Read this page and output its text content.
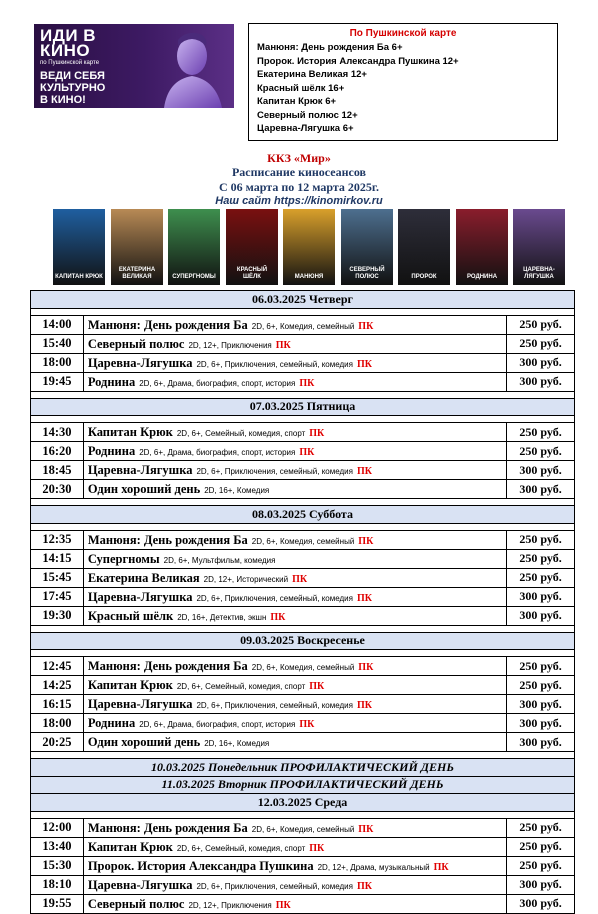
ИДИ В
КИНО
по Пушкинской карте
ВЕДИ СЕБЯ
КУЛЬТУРНО
В КИНО!
По Пушкинской карте
Манюня: День рождения Ба 6+
Пророк. История Александра Пушкина 12+
Екатерина Великая 12+
Красный шёлк 16+
Капитан Крюк 6+
Северный полюс 12+
Царевна-Лягушка 6+
ККЗ «Мир»
Расписание киносеансов
С 06 марта по 12 марта 2025г.
Наш сайт https://kinomirkov.ru
КАПИТАН КРЮК
ЕКАТЕРИНА ВЕЛИКАЯ	СУПЕРГНОМЫ
КРАСНЫЙ ШЁЛК	МАНЮНЯ
СЕВЕРНЫЙ ПОЛЮС	ПРОРОК	РОДНИНА
ЦАРЕВНА-ЛЯГУШКА
06.03.2025 Четверг		

14:00	Манюня: День рождения Ба 2D, 6+, Комедия, семейный ПК	250 руб.
15:40	Северный полюс 2D, 12+, Приключения ПК	250 руб.
18:00	Царевна-Лягушка 2D, 6+, Приключения, семейный, комедия ПК	300 руб.
19:45	Роднина 2D, 6+, Драма, биография, спорт, история ПК	300 руб.

07.03.2025 Пятница		

14:30	Капитан Крюк 2D, 6+, Семейный, комедия, спорт ПК	250 руб.
16:20	Роднина 2D, 6+, Драма, биография, спорт, история ПК	250 руб.
18:45	Царевна-Лягушка 2D, 6+, Приключения, семейный, комедия ПК	300 руб.
20:30	Один хороший день 2D, 16+, Комедия	300 руб.

08.03.2025 Суббота		

12:35	Манюня: День рождения Ба 2D, 6+, Комедия, семейный ПК	250 руб.
14:15	Супергномы 2D, 6+, Мультфильм, комедия	250 руб.
15:45	Екатерина Великая 2D, 12+, Исторический ПК	250 руб.
17:45	Царевна-Лягушка 2D, 6+, Приключения, семейный, комедия ПК	300 руб.
19:30	Красный шёлк 2D, 16+, Детектив, экшн ПК	300 руб.

09.03.2025 Воскресенье		

12:45	Манюня: День рождения Ба 2D, 6+, Комедия, семейный ПК	250 руб.
14:25	Капитан Крюк 2D, 6+, Семейный, комедия, спорт ПК	250 руб.
16:15	Царевна-Лягушка 2D, 6+, Приключения, семейный, комедия ПК	300 руб.
18:00	Роднина 2D, 6+, Драма, биография, спорт, история ПК	300 руб.
20:25	Один хороший день 2D, 16+, Комедия	300 руб.

10.03.2025 Понедельник ПРОФИЛАКТИЧЕСКИЙ ДЕНЬ		
11.03.2025 Вторник ПРОФИЛАКТИЧЕСКИЙ ДЕНЬ		
12.03.2025 Среда		

12:00	Манюня: День рождения Ба 2D, 6+, Комедия, семейный ПК	250 руб.
13:40	Капитан Крюк 2D, 6+, Семейный, комедия, спорт ПК	250 руб.
15:30	Пророк. История Александра Пушкина 2D, 12+, Драма, музыкальный ПК	250 руб.
18:10	Царевна-Лягушка 2D, 6+, Приключения, семейный, комедия ПК	300 руб.
19:55	Северный полюс 2D, 12+, Приключения ПК	300 руб.
